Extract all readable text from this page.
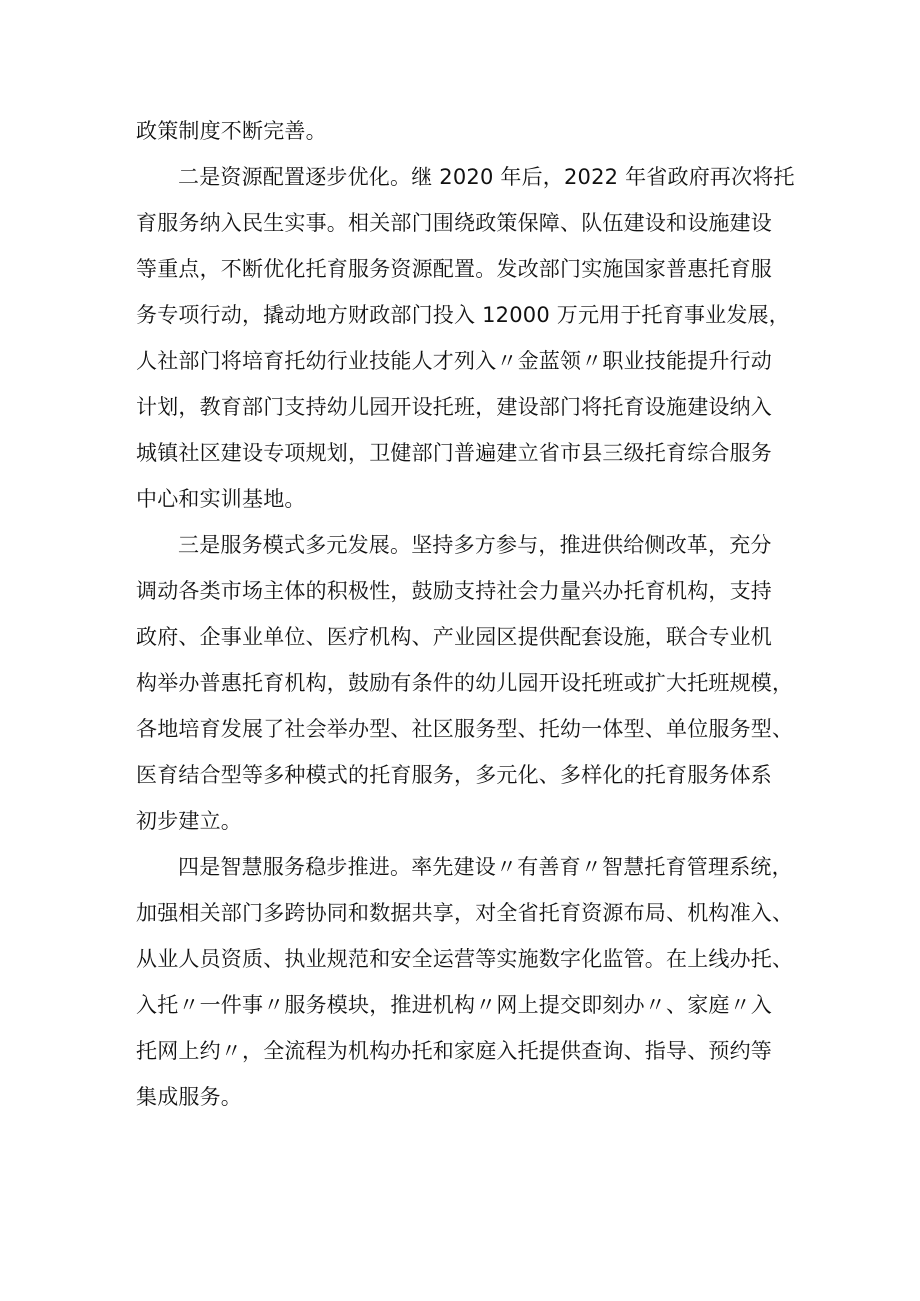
政策制度不断完善。
二是资源配置逐步优化。继 2020 年后，2022 年省政府再次将托
育服务纳入民生实事。相关部门围绕政策保障、队伍建设和设施建设
等重点，不断优化托育服务资源配置。发改部门实施国家普惠托育服
务专项行动，撬动地方财政部门投入 12000 万元用于托育事业发展，
人社部门将培育托幼行业技能人才列入〃金蓝领〃职业技能提升行动
计划，教育部门支持幼儿园开设托班，建设部门将托育设施建设纳入
城镇社区建设专项规划，卫健部门普遍建立省市县三级托育综合服务
中心和实训基地。
三是服务模式多元发展。坚持多方参与，推进供给侧改革，充分
调动各类市场主体的积极性，鼓励支持社会力量兴办托育机构，支持
政府、企事业单位、医疗机构、产业园区提供配套设施，联合专业机
构举办普惠托育机构，鼓励有条件的幼儿园开设托班或扩大托班规模，
各地培育发展了社会举办型、社区服务型、托幼一体型、单位服务型、
医育结合型等多种模式的托育服务，多元化、多样化的托育服务体系
初步建立。
四是智慧服务稳步推进。率先建设〃有善育〃智慧托育管理系统，
加强相关部门多跨协同和数据共享，对全省托育资源布局、机构准入、
从业人员资质、执业规范和安全运营等实施数字化监管。在上线办托、
入托〃一件事〃服务模块，推进机构〃网上提交即刻办〃、家庭〃入
托网上约〃，全流程为机构办托和家庭入托提供查询、指导、预约等
集成服务。
